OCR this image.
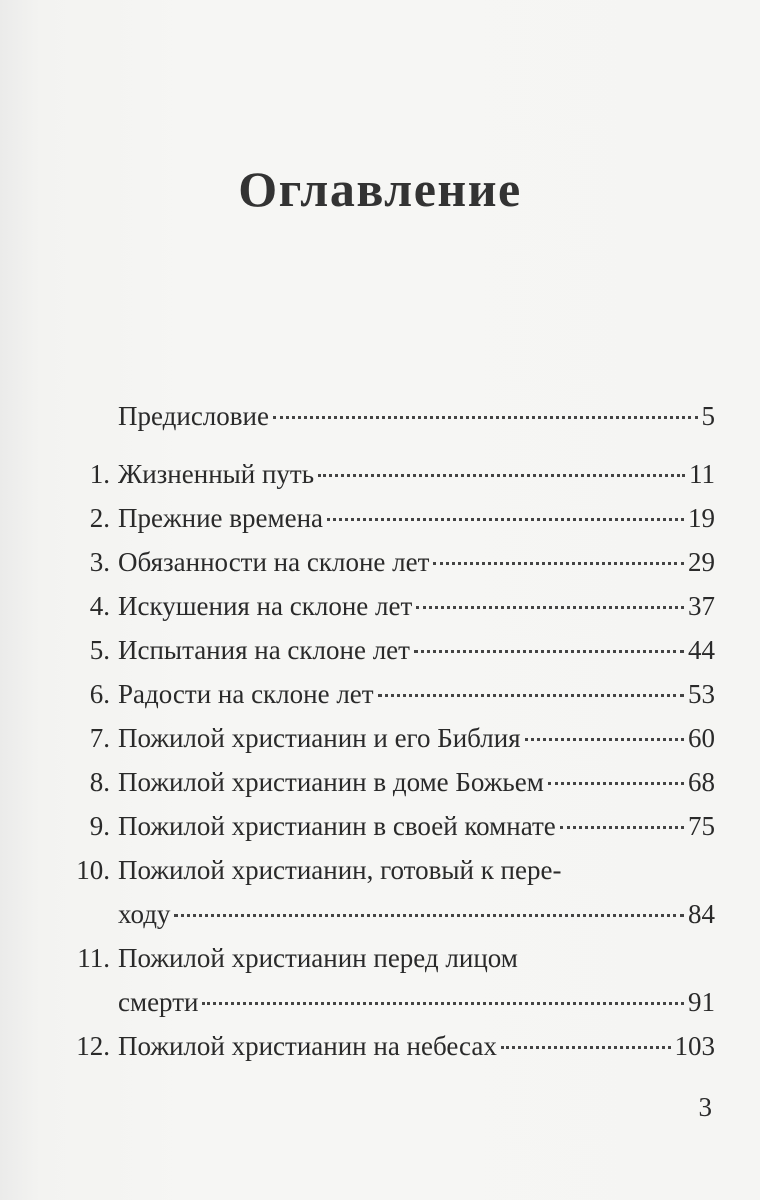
Оглавление
Предисловие	5
1. Жизненный путь	11
2. Прежние времена	19
3. Обязанности на склоне лет	29
4. Искушения на склоне лет	37
5. Испытания на склоне лет	44
6. Радости на склоне лет	53
7. Пожилой христианин и его Библия	60
8. Пожилой христианин в доме Божьем	68
9. Пожилой христианин в своей комнате	75
10. Пожилой христианин, готовый к пере-
ходу	84
11. Пожилой христианин перед лицом
смерти	91
12. Пожилой христианин на небесах	103
3
